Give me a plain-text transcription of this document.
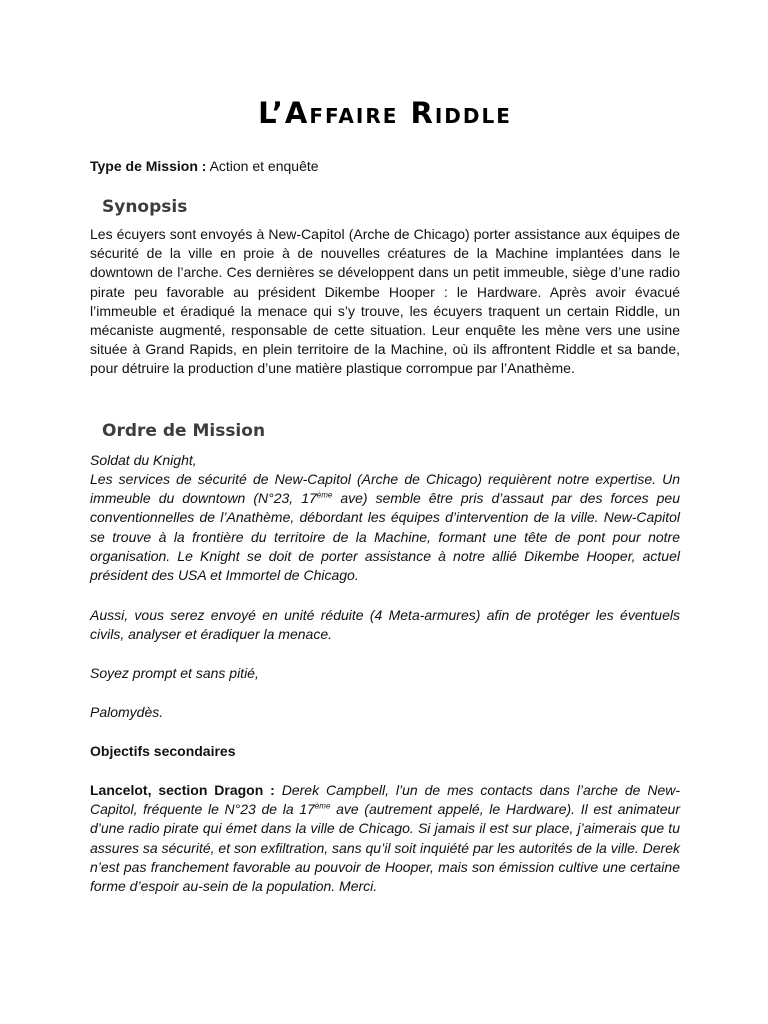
L’Affaire Riddle
Type de Mission : Action et enquête
Synopsis

Les écuyers sont envoyés à New-Capitol (Arche de Chicago) porter assistance aux équipes de sécurité de la ville en proie à de nouvelles créatures de la Machine implantées dans le downtown de l’arche. Ces dernières se développent dans un petit immeuble, siège d’une radio pirate peu favorable au président Dikembe Hooper : le Hardware. Après avoir évacué l’immeuble et éradiqué la menace qui s’y trouve, les écuyers traquent un certain Riddle, un mécaniste augmenté, responsable de cette situation. Leur enquête les mène vers une usine située à Grand Rapids, en plein territoire de la Machine, où ils affrontent Riddle et sa bande, pour détruire la production d’une matière plastique corrompue par l’Anathème.

Ordre de Mission

Soldat du Knight,

Les services de sécurité de New-Capitol (Arche de Chicago) requièrent notre expertise. Un immeuble du downtown (N°23, 17ème ave) semble être pris d’assaut par des forces peu conventionnelles de l’Anathème, débordant les équipes d’intervention de la ville. New-Capitol se trouve à la frontière du territoire de la Machine, formant une tête de pont pour notre organisation. Le Knight se doit de porter assistance à notre allié Dikembe Hooper, actuel président des USA et Immortel de Chicago.

Aussi, vous serez envoyé en unité réduite (4 Meta-armures) afin de protéger les éventuels civils, analyser et éradiquer la menace.

Soyez prompt et sans pitié,

Palomydès.

Objectifs secondaires

Lancelot, section Dragon : Derek Campbell, l’un de mes contacts dans l’arche de New-Capitol, fréquente le N°23 de la 17ème ave (autrement appelé, le Hardware). Il est animateur d’une radio pirate qui émet dans la ville de Chicago. Si jamais il est sur place, j’aimerais que tu assures sa sécurité, et son exfiltration, sans qu’il soit inquiété par les autorités de la ville. Derek n’est pas franchement favorable au pouvoir de Hooper, mais son émission cultive une certaine forme d’espoir au-sein de la population. Merci.
